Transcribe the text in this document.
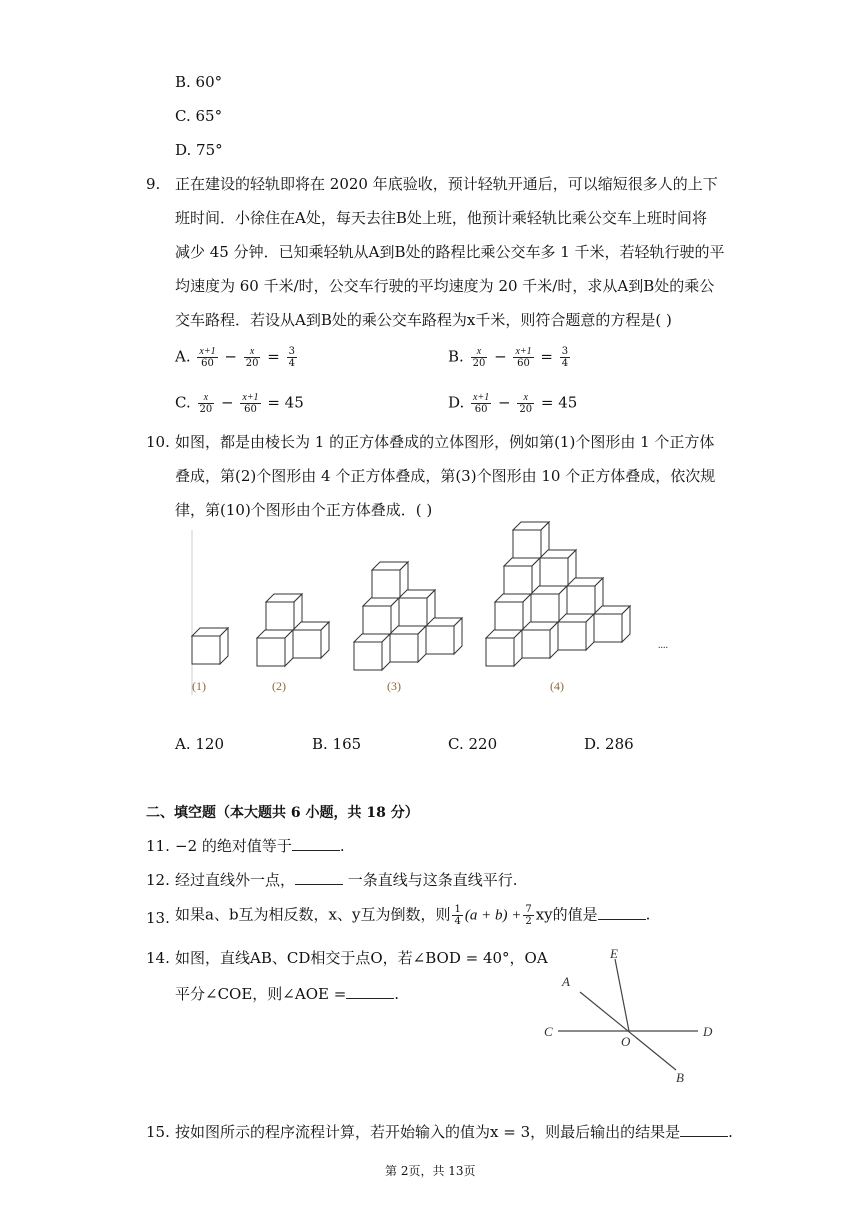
B. 60°
C. 65°
D. 75°
9. 正在建设的轻轨即将在 2020 年底验收，预计轻轨开通后，可以缩短很多人的上下
班时间．小徐住在A处，每天去往B处上班，他预计乘轻轨比乘公交车上班时间将
减少 45 分钟．已知乘轻轨从A到B处的路程比乘公交车多 1 千米，若轻轨行驶的平
均速度为 60 千米/时，公交车行驶的平均速度为 20 千米/时，求从A到B处的乘公
交车路程．若设从A到B处的乘公交车路程为x千米，则符合题意的方程是( )
A. $\frac{x+1}{60} - \frac{x}{20} = \frac{3}{4}$	B. $\frac{x}{20} - \frac{x+1}{60} = \frac{3}{4}$
C. $\frac{x}{20} - \frac{x+1}{60} = 45$	D. $\frac{x+1}{60} - \frac{x}{20} = 45$
10. 如图，都是由棱长为 1 的正方体叠成的立体图形，例如第(1)个图形由 1 个正方体
叠成，第(2)个图形由 4 个正方体叠成，第(3)个图形由 10 个正方体叠成，依次规
律，第(10)个图形由个正方体叠成．( )
(1)	(2)	(3)	(4)
....
A. 120	B. 165	C. 220	D. 286
二、填空题（本大题共 6 小题，共 18 分）
11. −2 的绝对值等于	.
12. 经过直线外一点，	一条直线与这条直线平行.
13. 如果a、b互为相反数，x、y互为倒数，则 $\frac{1}{4} (a + b) + \frac{7}{2}$ xy的值是	.
14. 如图，直线AB、CD相交于点O，若∠BOD = 40°，OA
平分∠COE，则∠AOE =	.
E
A
C
O
D
B
15. 按如图所示的程序流程计算，若开始输入的值为x = 3，则最后输出的结果是	.
第 2页，共 13页
